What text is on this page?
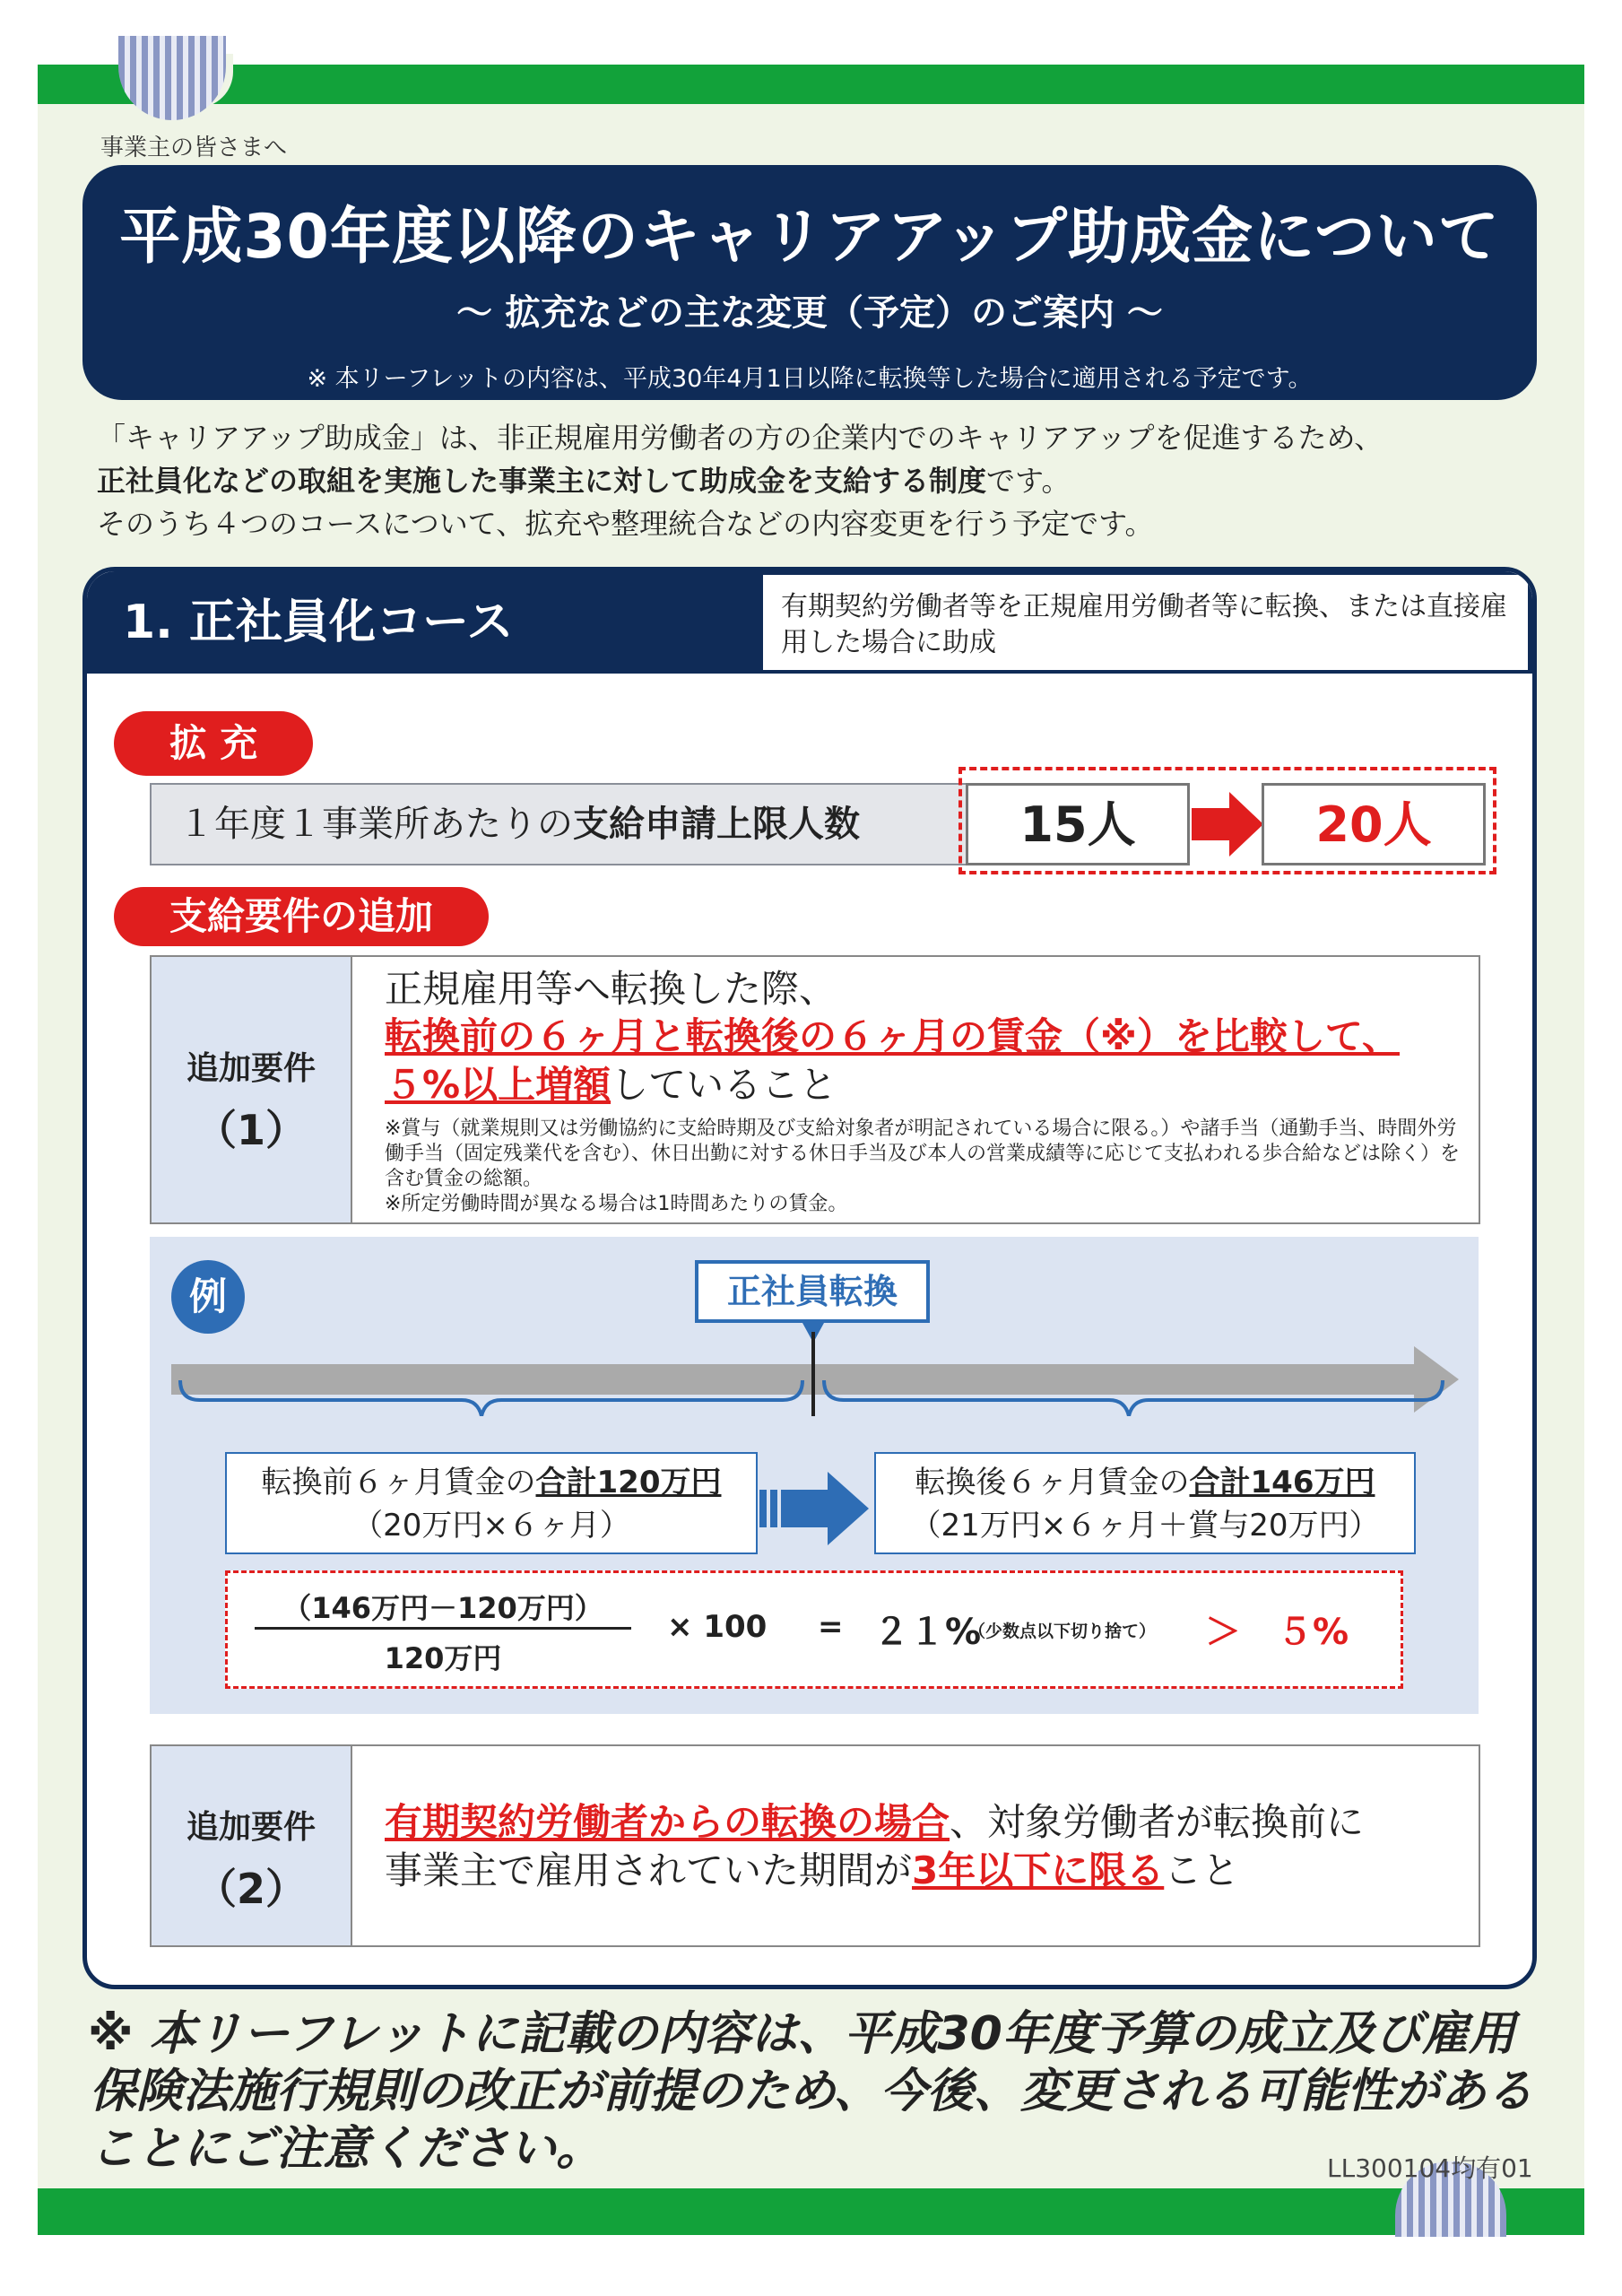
事業主の皆さまへ
平成30年度以降のキャリアアップ助成金について
～ 拡充などの主な変更（予定）のご案内 ～
※ 本リーフレットの内容は、平成30年4月1日以降に転換等した場合に適用される予定です。
「キャリアアップ助成金」は、非正規雇用労働者の方の企業内でのキャリアアップを促進するため、
正社員化などの取組を実施した事業主に対して助成金を支給する制度です。
そのうち４つのコースについて、拡充や整理統合などの内容変更を行う予定です。
1. 正社員化コース	有期契約労働者等を正規雇用労働者等に転換、または直接雇用した場合に助成
拡 充
１年度１事業所あたりの支給申請上限人数	15人	20人
支給要件の追加
追加要件
（1）
正規雇用等へ転換した際、
転換前の６ヶ月と転換後の６ヶ月の賃金（※）を比較して、
５%以上増額していること
※賞与（就業規則又は労働協約に支給時期及び支給対象者が明記されている場合に限る。）や諸手当（通勤手当、時間外労働手当（固定残業代を含む）、休日出勤に対する休日手当及び本人の営業成績等に応じて支払われる歩合給などは除く）を含む賃金の総額。
※所定労働時間が異なる場合は1時間あたりの賃金。
例	正社員転換
転換前６ヶ月賃金の合計120万円
（20万円×６ヶ月）
転換後６ヶ月賃金の合計146万円
（21万円×６ヶ月＋賞与20万円）
（146万円－120万円）
120万円
× 100 = ２１%
（少数点以下切り捨て） ＞ ５%
追加要件
（2）
有期契約労働者からの転換の場合、対象労働者が転換前に
事業主で雇用されていた期間が3年以下に限ること
※ 本リーフレットに記載の内容は、平成30年度予算の成立及び雇用保険法施行規則の改正が前提のため、今後、変更される可能性があることにご注意ください。	LL300104均有01
